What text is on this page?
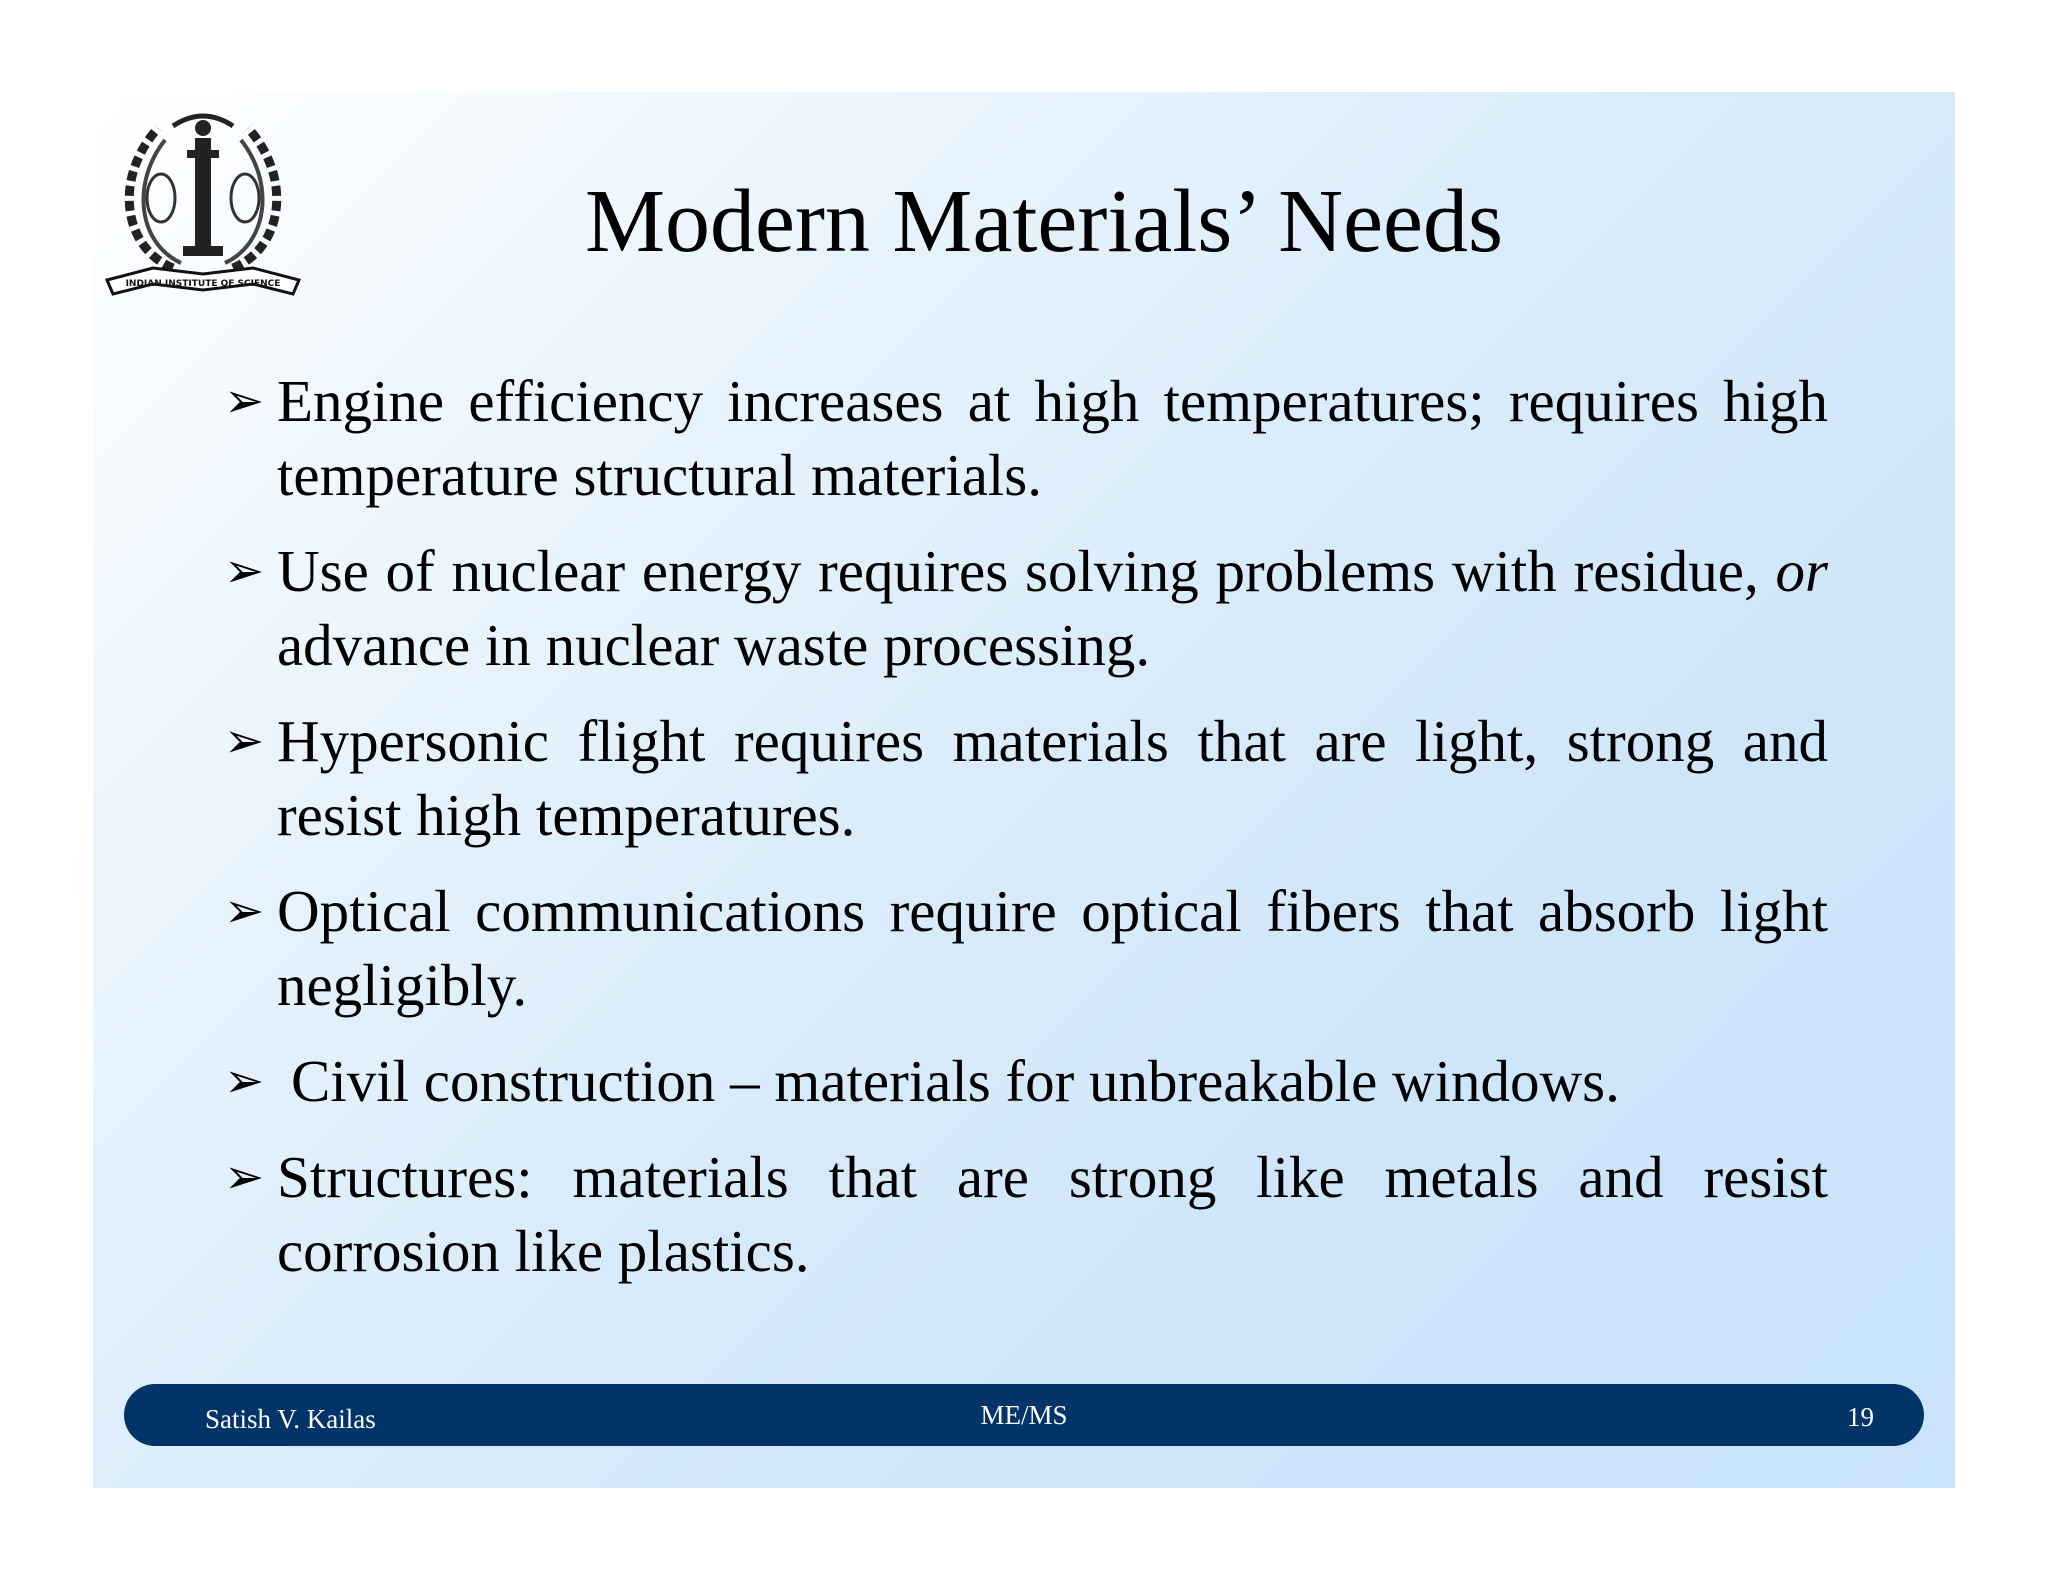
INDIAN INSTITUTE OF SCIENCE
Modern Materials’ Needs
➢ Engine efficiency increases at high temperatures; requires high temperature structural materials.
➢ Use of nuclear energy requires solving problems with residue, or advance in nuclear waste processing.
➢ Hypersonic flight requires materials that are light, strong and resist high temperatures.
➢ Optical communications require optical fibers that absorb light negligibly.
➢ Civil construction – materials for unbreakable windows.
➢ Structures: materials that are strong like metals and resist corrosion like plastics.
Satish V. Kailas	ME/MS	19
